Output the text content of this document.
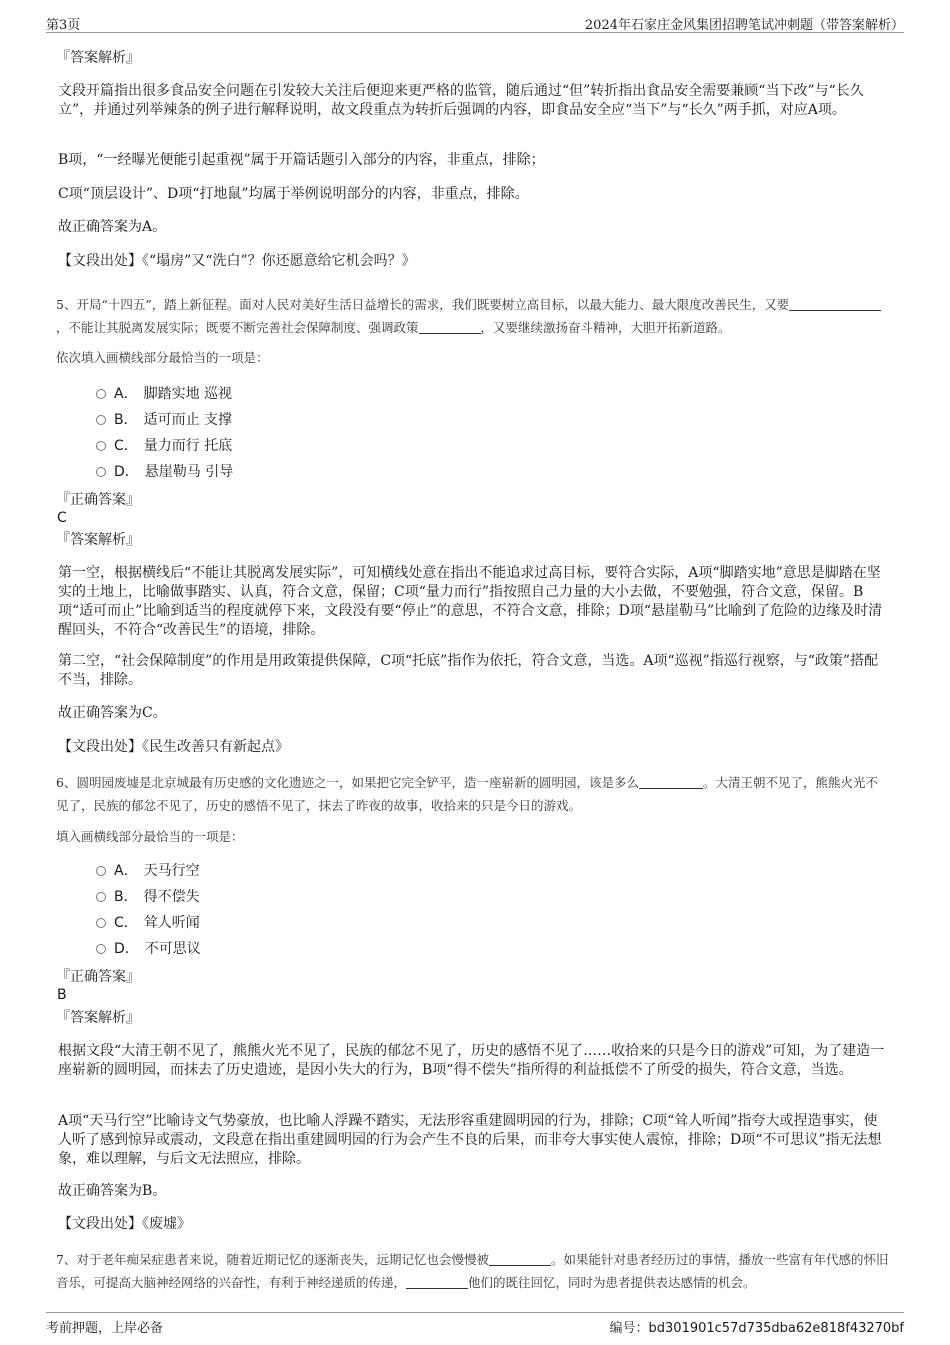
第3页	2024年石家庄金风集团招聘笔试冲刺题（带答案解析）
『答案解析』
文段开篇指出很多食品安全问题在引发较大关注后便迎来更严格的监管，随后通过“但”转折指出食品安全需要兼顾“当下改”与“长久立”，并通过列举辣条的例子进行解释说明，故文段重点为转折后强调的内容，即食品安全应“当下”与“长久”两手抓，对应A项。
B项，“一经曝光便能引起重视”属于开篇话题引入部分的内容，非重点，排除；
C项“顶层设计”、D项“打地鼠”均属于举例说明部分的内容，非重点，排除。
故正确答案为A。
【文段出处】《“塌房”又“洗白”？你还愿意给它机会吗？》
5、开局“十四五”，踏上新征程。面对人民对美好生活日益增长的需求，我们既要树立高目标，以最大能力、最大限度改善民生，又要，不能让其脱离发展实际；既要不断完善社会保障制度、强调政策	，又要继续激扬奋斗精神，大胆开拓新道路。
依次填入画横线部分最恰当的一项是：
A． 脚踏实地 巡视
B． 适可而止 支撑
C． 量力而行 托底
D． 悬崖勒马 引导
『正确答案』
C
『答案解析』
第一空，根据横线后“不能让其脱离发展实际”，可知横线处意在指出不能追求过高目标，要符合实际，A项“脚踏实地”意思是脚踏在坚实的土地上，比喻做事踏实、认真，符合文意，保留；C项“量力而行”指按照自己力量的大小去做，不要勉强，符合文意，保留。B项“适可而止”比喻到适当的程度就停下来，文段没有要“停止”的意思，不符合文意，排除；D项“悬崖勒马”比喻到了危险的边缘及时清醒回头，不符合“改善民生”的语境，排除。
第二空，“社会保障制度”的作用是用政策提供保障，C项“托底”指作为依托，符合文意，当选。A项“巡视”指巡行视察，与“政策”搭配不当，排除。
故正确答案为C。
【文段出处】《民生改善只有新起点》
6、圆明园废墟是北京城最有历史感的文化遗迹之一，如果把它完全铲平，造一座崭新的圆明园，该是多么	。大清王朝不见了，熊熊火光不见了，民族的郁忿不见了，历史的感悟不见了，抹去了昨夜的故事，收拾来的只是今日的游戏。
填入画横线部分最恰当的一项是：
A． 天马行空
B． 得不偿失
C． 耸人听闻
D． 不可思议
『正确答案』
B
『答案解析』
根据文段“大清王朝不见了，熊熊火光不见了，民族的郁忿不见了，历史的感悟不见了……收拾来的只是今日的游戏”可知，为了建造一座崭新的圆明园，而抹去了历史遗迹，是因小失大的行为，B项“得不偿失”指所得的利益抵偿不了所受的损失，符合文意，当选。
A项“天马行空”比喻诗文气势豪放，也比喻人浮躁不踏实，无法形容重建圆明园的行为，排除；C项“耸人听闻”指夸大或捏造事实，使人听了感到惊异或震动，文段意在指出重建圆明园的行为会产生不良的后果，而非夸大事实使人震惊，排除；D项“不可思议”指无法想象，难以理解，与后文无法照应，排除。
故正确答案为B。
【文段出处】《废墟》
7、对于老年痴呆症患者来说，随着近期记忆的逐渐丧失，远期记忆也会慢慢被	。如果能针对患者经历过的事情，播放一些富有年代感的怀旧音乐，可提高大脑神经网络的兴奋性，有利于神经递质的传递，	他们的既往回忆，同时为患者提供表达感情的机会。
考前押题，上岸必备	编号：bd301901c57d735dba62e818f43270bf
